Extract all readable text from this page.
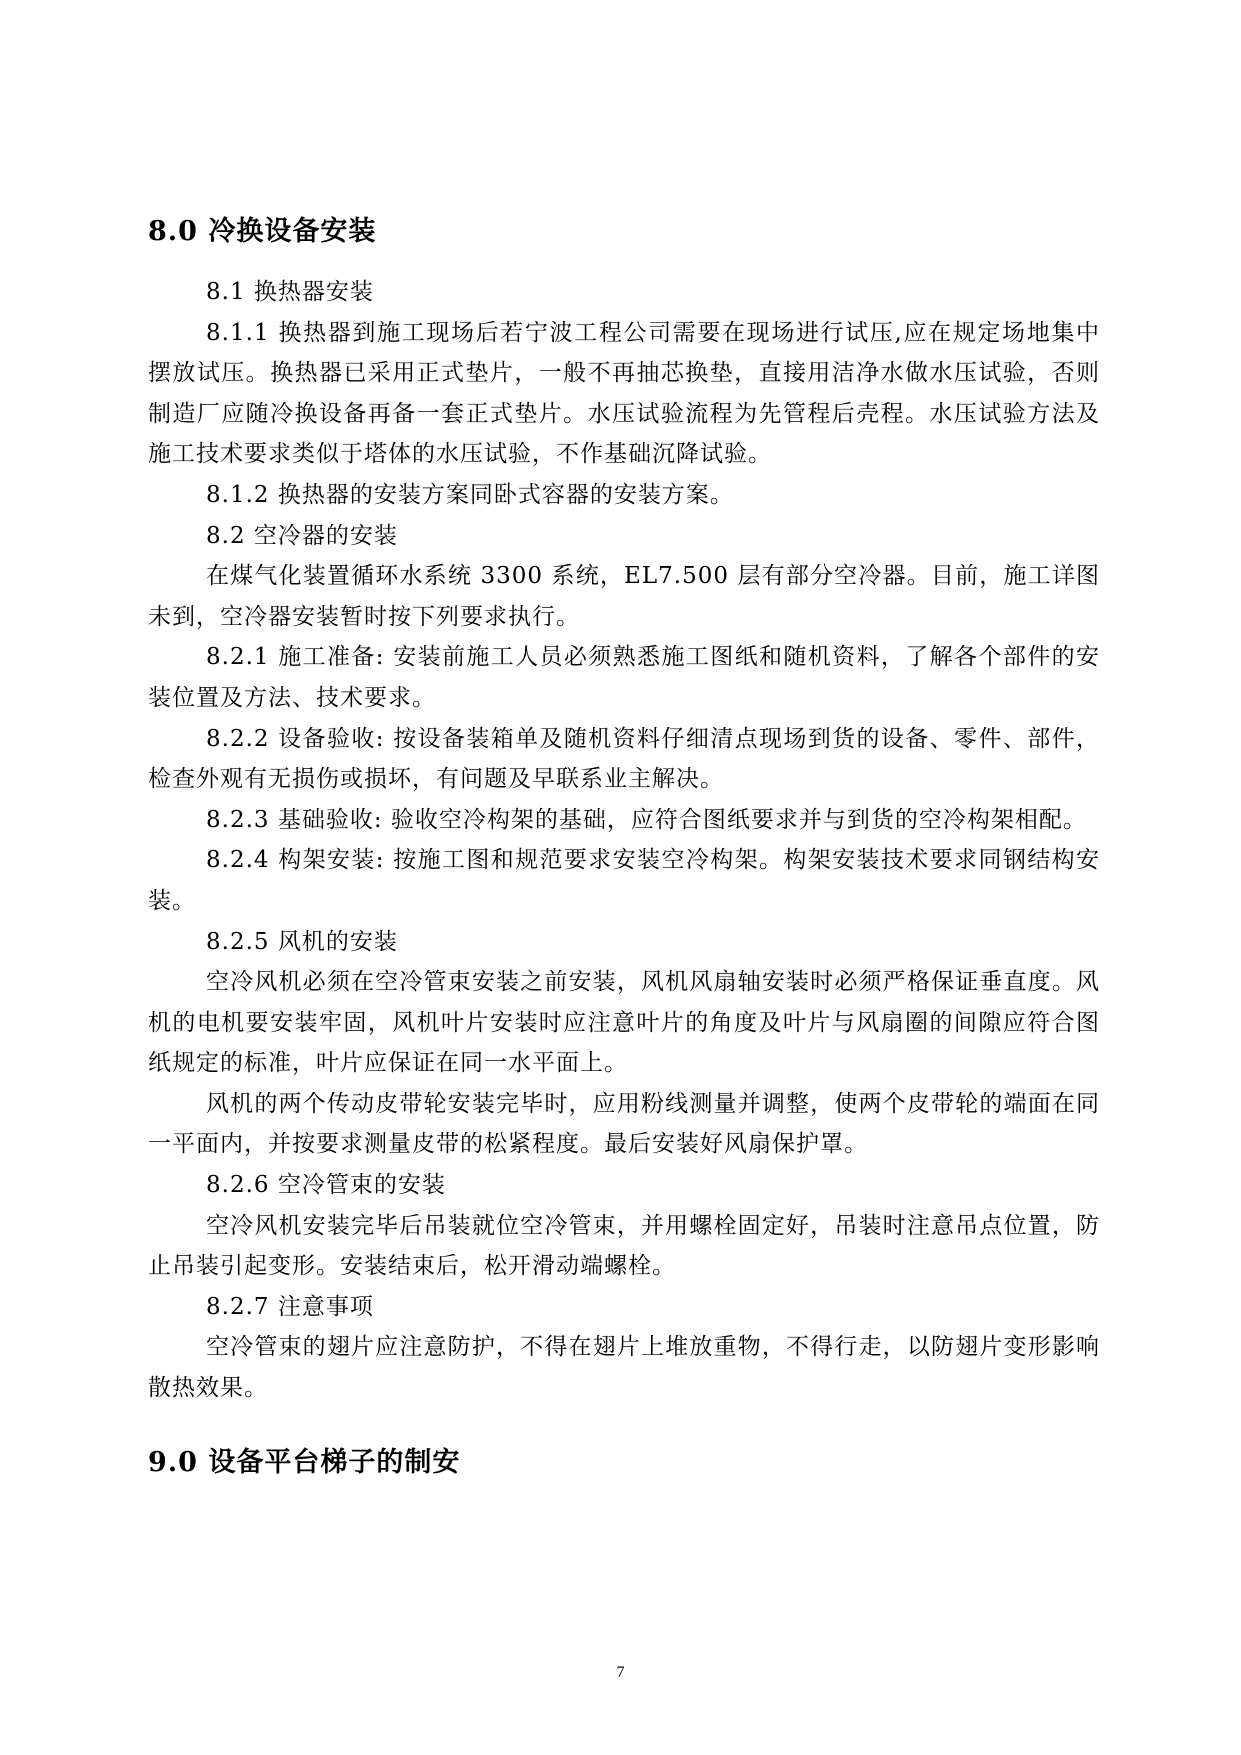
8.0 冷换设备安装

8.1 换热器安装

8.1.1 换热器到施工现场后若宁波工程公司需要在现场进行试压,应在规定场地集中摆放试压。换热器已采用正式垫片，一般不再抽芯换垫，直接用洁净水做水压试验，否则制造厂应随冷换设备再备一套正式垫片。水压试验流程为先管程后壳程。水压试验方法及施工技术要求类似于塔体的水压试验，不作基础沉降试验。

8.1.2 换热器的安装方案同卧式容器的安装方案。

8.2 空冷器的安装

在煤气化装置循环水系统 3300 系统，EL7.500 层有部分空冷器。目前，施工详图未到，空冷器安装暂时按下列要求执行。

8.2.1 施工准备: 安装前施工人员必须熟悉施工图纸和随机资料，了解各个部件的安装位置及方法、技术要求。

8.2.2 设备验收: 按设备装箱单及随机资料仔细清点现场到货的设备、零件、部件，检查外观有无损伤或损坏，有问题及早联系业主解决。

8.2.3 基础验收: 验收空冷构架的基础，应符合图纸要求并与到货的空冷构架相配。

8.2.4 构架安装: 按施工图和规范要求安装空冷构架。构架安装技术要求同钢结构安装。

8.2.5 风机的安装

空冷风机必须在空冷管束安装之前安装，风机风扇轴安装时必须严格保证垂直度。风机的电机要安装牢固，风机叶片安装时应注意叶片的角度及叶片与风扇圈的间隙应符合图纸规定的标准，叶片应保证在同一水平面上。

风机的两个传动皮带轮安装完毕时，应用粉线测量并调整，使两个皮带轮的端面在同一平面内，并按要求测量皮带的松紧程度。最后安装好风扇保护罩。

8.2.6 空冷管束的安装

空冷风机安装完毕后吊装就位空冷管束，并用螺栓固定好，吊装时注意吊点位置，防止吊装引起变形。安装结束后，松开滑动端螺栓。

8.2.7 注意事项

空冷管束的翅片应注意防护，不得在翅片上堆放重物，不得行走，以防翅片变形影响散热效果。

9.0 设备平台梯子的制安
7
